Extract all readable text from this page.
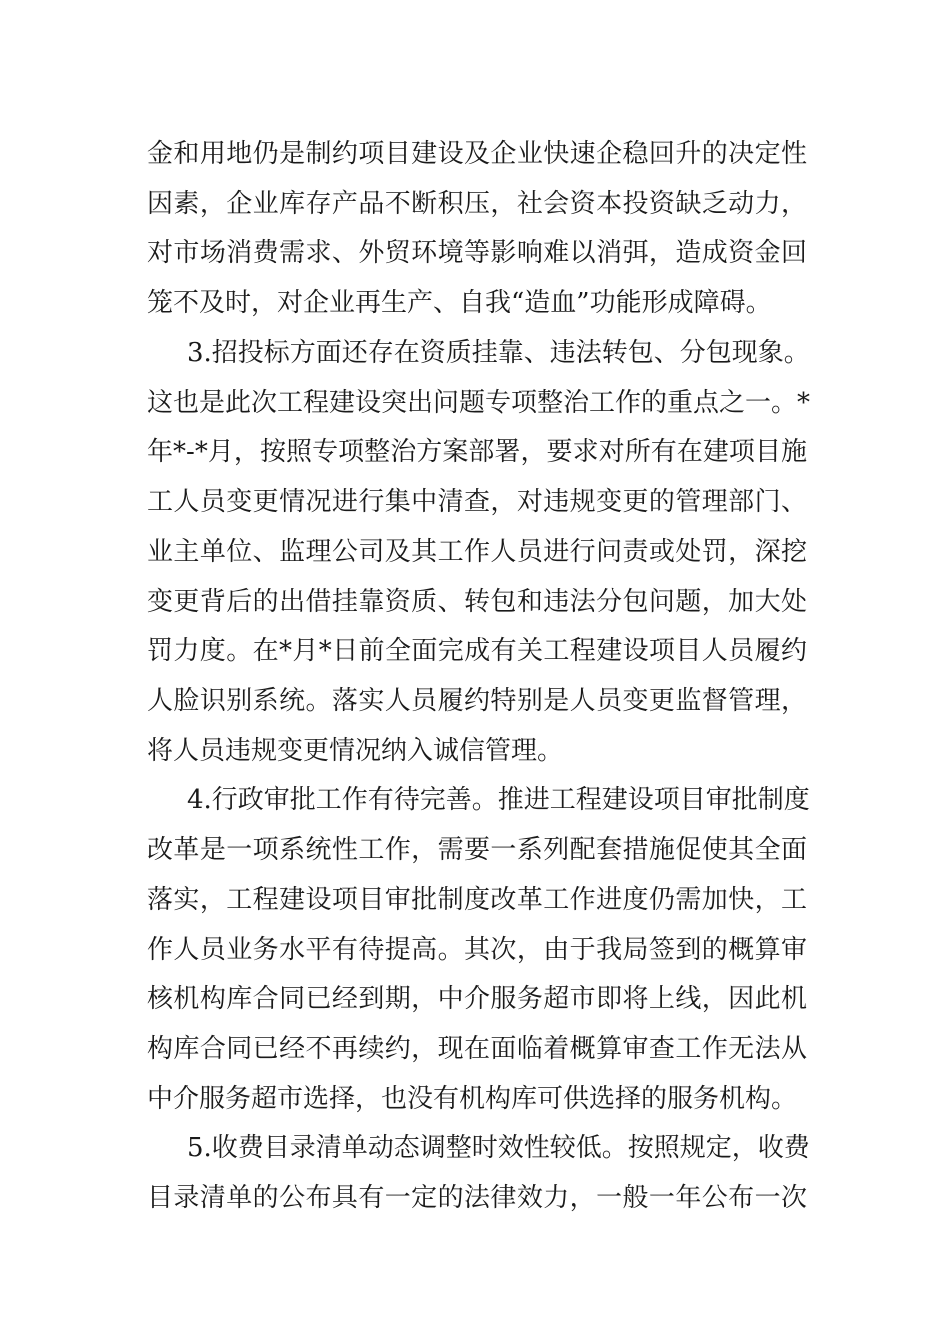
金和用地仍是制约项目建设及企业快速企稳回升的决定性
因素，企业库存产品不断积压，社会资本投资缺乏动力，
对市场消费需求、外贸环境等影响难以消弭，造成资金回
笼不及时，对企业再生产、自我“造血”功能形成障碍。
3.招投标方面还存在资质挂靠、违法转包、分包现象。
这也是此次工程建设突出问题专项整治工作的重点之一。*
年*-*月，按照专项整治方案部署，要求对所有在建项目施
工人员变更情况进行集中清查，对违规变更的管理部门、
业主单位、监理公司及其工作人员进行问责或处罚，深挖
变更背后的出借挂靠资质、转包和违法分包问题，加大处
罚力度。在*月*日前全面完成有关工程建设项目人员履约
人脸识别系统。落实人员履约特别是人员变更监督管理，
将人员违规变更情况纳入诚信管理。
4.行政审批工作有待完善。推进工程建设项目审批制度
改革是一项系统性工作，需要一系列配套措施促使其全面
落实，工程建设项目审批制度改革工作进度仍需加快，工
作人员业务水平有待提高。其次，由于我局签到的概算审
核机构库合同已经到期，中介服务超市即将上线，因此机
构库合同已经不再续约，现在面临着概算审查工作无法从
中介服务超市选择，也没有机构库可供选择的服务机构。
5.收费目录清单动态调整时效性较低。按照规定，收费
目录清单的公布具有一定的法律效力，一般一年公布一次
